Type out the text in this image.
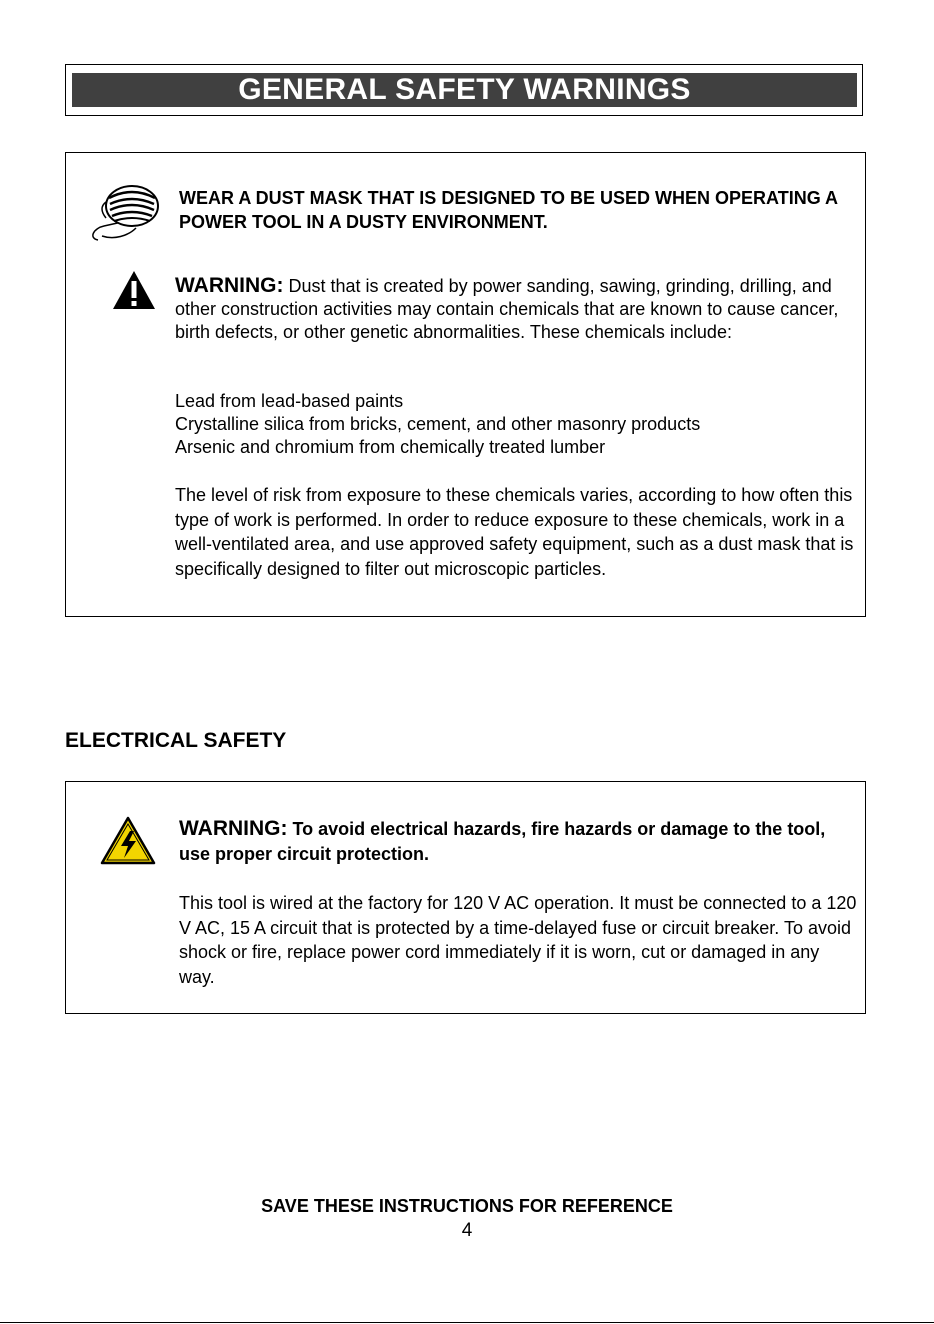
GENERAL SAFETY WARNINGS
WEAR A DUST MASK THAT IS DESIGNED TO BE USED WHEN OPERATING A POWER TOOL IN A DUSTY ENVIRONMENT.

WARNING: Dust that is created by power sanding, sawing, grinding, drilling, and other construction activities may contain chemicals that are known to cause cancer, birth defects, or other genetic abnormalities. These chemicals include:

Lead from lead-based paints
Crystalline silica from bricks, cement, and other masonry products
Arsenic and chromium from chemically treated lumber

The level of risk from exposure to these chemicals varies, according to how often this type of work is performed. In order to reduce exposure to these chemicals, work in a well-ventilated area, and use approved safety equipment, such as a dust mask that is specifically designed to filter out microscopic particles.

ELECTRICAL SAFETY

WARNING: To avoid electrical hazards, fire hazards or damage to the tool, use proper circuit protection.

This tool is wired at the factory for 120 V AC operation. It must be connected to a 120 V AC, 15 A circuit that is protected by a time-delayed fuse or circuit breaker. To avoid shock or fire, replace power cord immediately if it is worn, cut or damaged in any way.

SAVE THESE INSTRUCTIONS FOR REFERENCE
4
